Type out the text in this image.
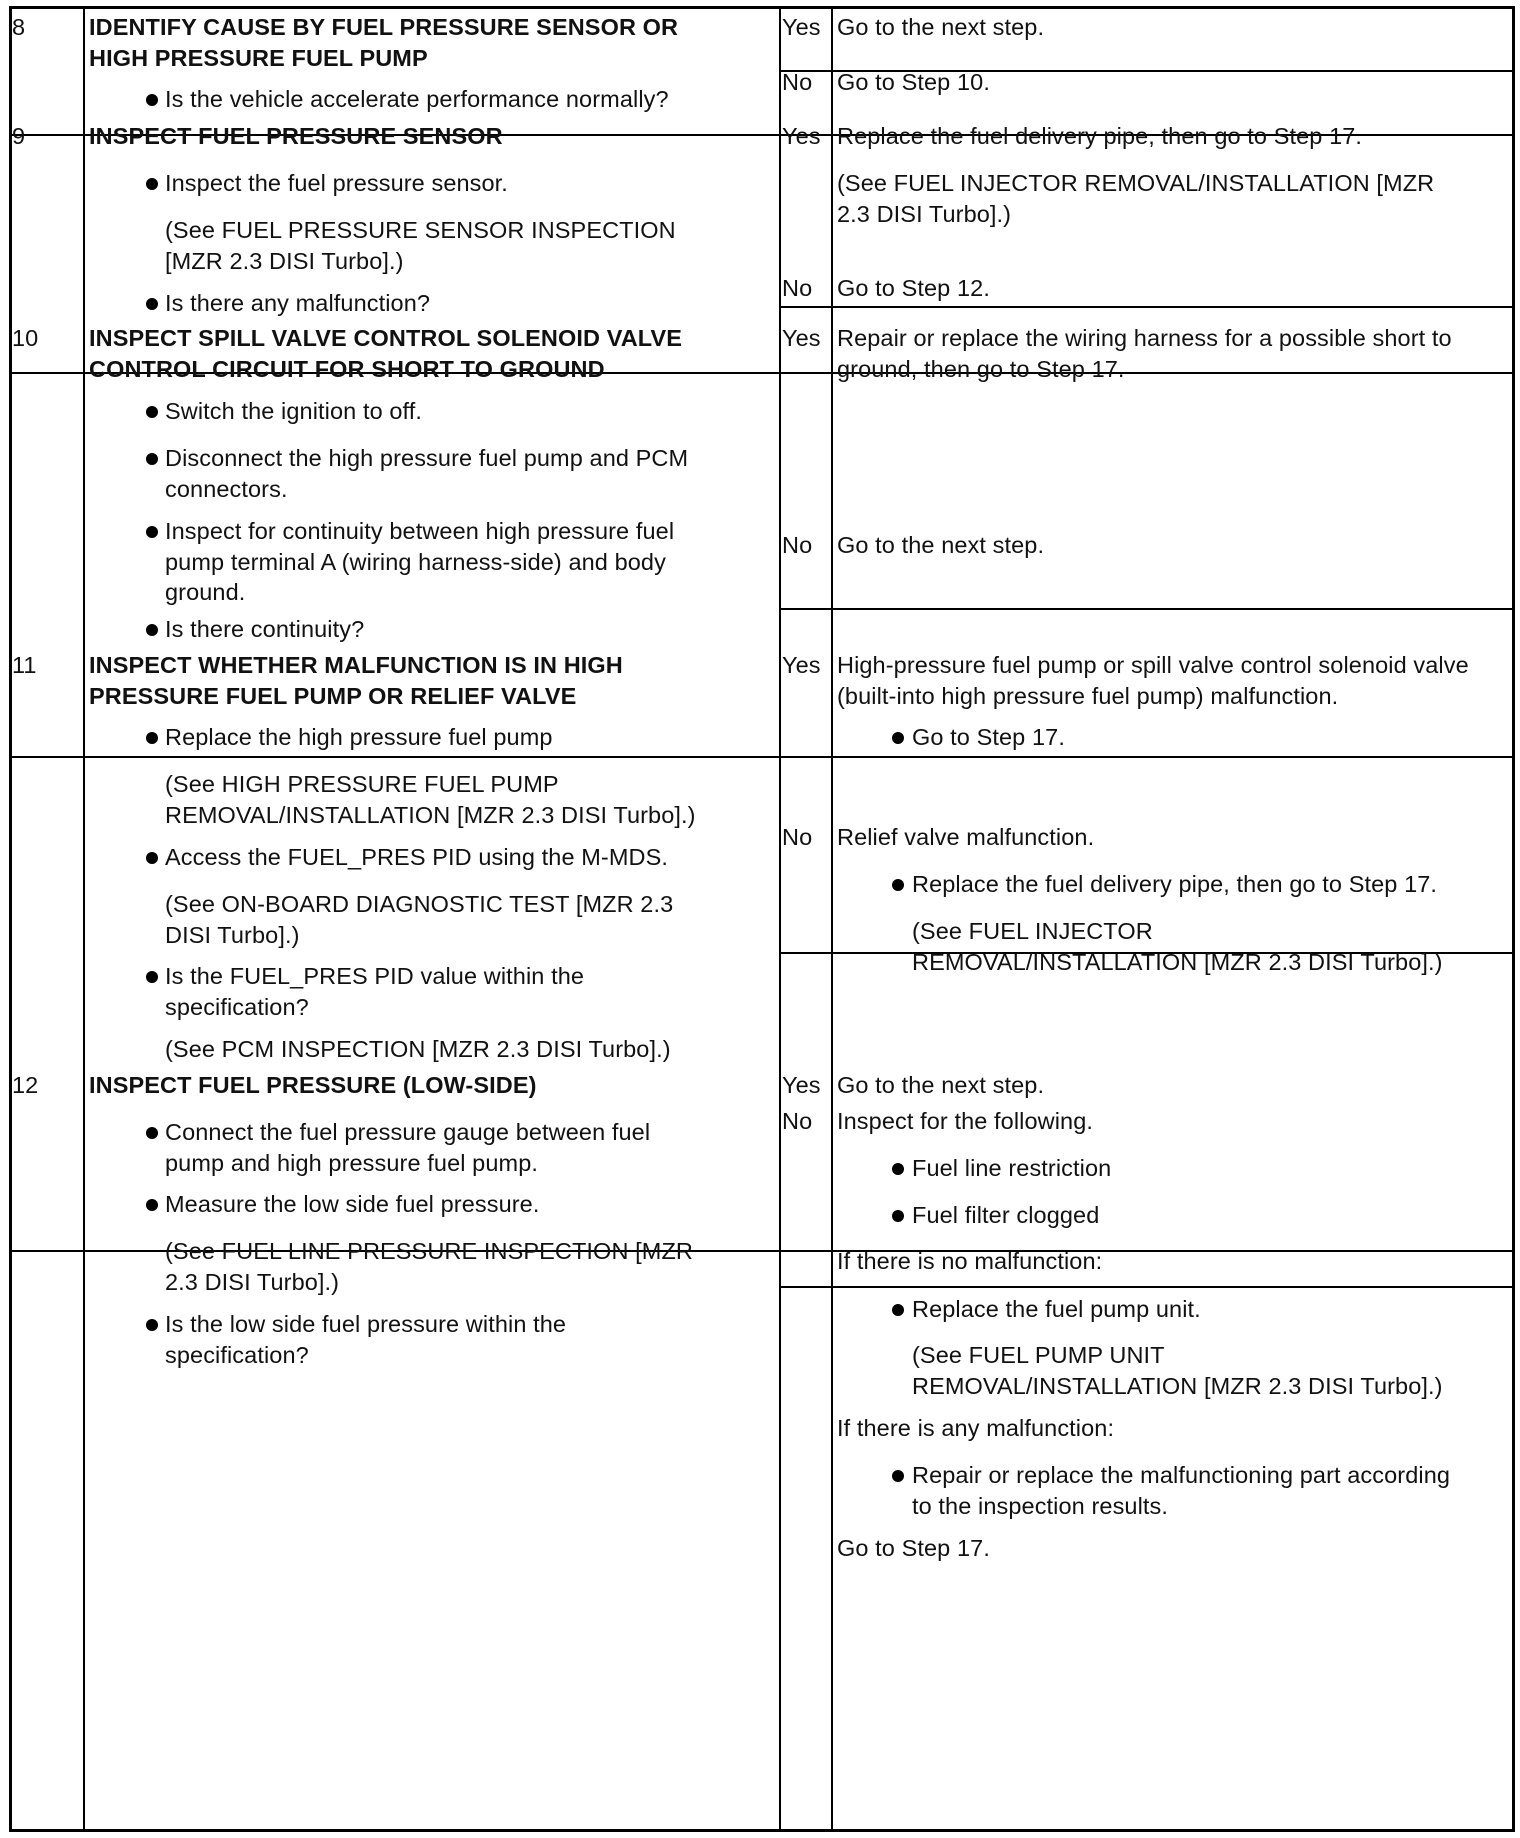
8	IDENTIFY CAUSE BY FUEL PRESSURE SENSOR OR
HIGH PRESSURE FUEL PUMP
Is the vehicle accelerate performance normally?
Yes Go to the next step.
No Go to Step 10.
9	INSPECT FUEL PRESSURE SENSOR
Inspect the fuel pressure sensor.
(See FUEL PRESSURE SENSOR INSPECTION
[MZR 2.3 DISI Turbo].)
Is there any malfunction?
Yes Replace the fuel delivery pipe, then go to Step 17.
(See FUEL INJECTOR REMOVAL/INSTALLATION [MZR
2.3 DISI Turbo].)
No Go to Step 12.
10 INSPECT SPILL VALVE CONTROL SOLENOID VALVE
CONTROL CIRCUIT FOR SHORT TO GROUND
Switch the ignition to off.
Disconnect the high pressure fuel pump and PCM
connectors.
Inspect for continuity between high pressure fuel
pump terminal A (wiring harness-side) and body
ground.
Is there continuity?
Yes Repair or replace the wiring harness for a possible short to
ground, then go to Step 17.
No Go to the next step.
11 INSPECT WHETHER MALFUNCTION IS IN HIGH
PRESSURE FUEL PUMP OR RELIEF VALVE
Replace the high pressure fuel pump
(See HIGH PRESSURE FUEL PUMP
REMOVAL/INSTALLATION [MZR 2.3 DISI Turbo].)
Access the FUEL_PRES PID using the M-MDS.
(See ON-BOARD DIAGNOSTIC TEST [MZR 2.3
DISI Turbo].)
Is the FUEL_PRES PID value within the
specification?
(See PCM INSPECTION [MZR 2.3 DISI Turbo].)
Yes High-pressure fuel pump or spill valve control solenoid valve
(built-into high pressure fuel pump) malfunction.
Go to Step 17.
No Relief valve malfunction.
Replace the fuel delivery pipe, then go to Step 17.
(See FUEL INJECTOR
REMOVAL/INSTALLATION [MZR 2.3 DISI Turbo].)
12 INSPECT FUEL PRESSURE (LOW-SIDE)
Connect the fuel pressure gauge between fuel
pump and high pressure fuel pump.
Measure the low side fuel pressure.
(See FUEL LINE PRESSURE INSPECTION [MZR
2.3 DISI Turbo].)
Is the low side fuel pressure within the
specification?
Yes Go to the next step.
No Inspect for the following.
Fuel line restriction
Fuel filter clogged
If there is no malfunction:
Replace the fuel pump unit.
(See FUEL PUMP UNIT
REMOVAL/INSTALLATION [MZR 2.3 DISI Turbo].)
If there is any malfunction:
Repair or replace the malfunctioning part according
to the inspection results.
Go to Step 17.
